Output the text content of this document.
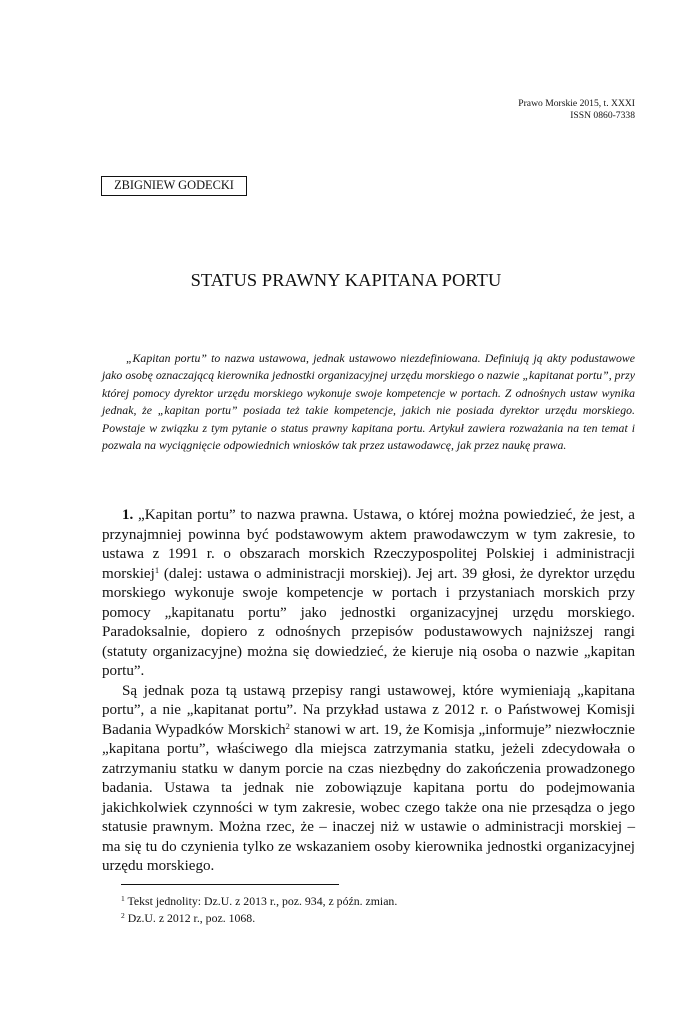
Prawo Morskie 2015, t. XXXI
ISSN 0860-7338
ZBIGNIEW GODECKI
STATUS PRAWNY KAPITANA PORTU

„Kapitan portu” to nazwa ustawowa, jednak ustawowo niezdefiniowana. Definiują ją akty podustawowe jako osobę oznaczającą kierownika jednostki organizacyjnej urzędu morskiego o nazwie „kapitanat portu”, przy której pomocy dyrektor urzędu morskiego wykonuje swoje kompetencje w portach. Z odnośnych ustaw wynika jednak, że „kapitan portu” posiada też takie kompetencje, jakich nie posiada dyrektor urzędu morskiego. Powstaje w związku z tym pytanie o status prawny kapitana portu. Artykuł zawiera rozważania na ten temat i pozwala na wyciągnięcie odpowiednich wniosków tak przez ustawodawcę, jak przez naukę prawa.

1. „Kapitan portu” to nazwa prawna. Ustawa, o której można powiedzieć, że jest, a przynajmniej powinna być podstawowym aktem prawodawczym w tym zakresie, to ustawa z 1991 r. o obszarach morskich Rzeczypospolitej Polskiej i administracji morskiej$^1$ (dalej: ustawa o administracji morskiej). Jej art. 39 głosi, że dyrektor urzędu morskiego wykonuje swoje kompetencje w portach i przystaniach morskich przy pomocy „kapitanatu portu” jako jednostki organizacyjnej urzędu morskiego. Paradoksalnie, dopiero z odnośnych przepisów podustawowych najniższej rangi (statuty organizacyjne) można się dowiedzieć, że kieruje nią osoba o nazwie „kapitan portu”.

Są jednak poza tą ustawą przepisy rangi ustawowej, które wymieniają „kapitana portu”, a nie „kapitanat portu”. Na przykład ustawa z 2012 r. o Państwowej Komisji Badania Wypadków Morskich$^2$ stanowi w art. 19, że Komisja „informuje” niezwłocznie „kapitana portu”, właściwego dla miejsca zatrzymania statku, jeżeli zdecydowała o zatrzymaniu statku w danym porcie na czas niezbędny do zakończenia prowadzonego badania. Ustawa ta jednak nie zobowiązuje kapitana portu do podejmowania jakichkolwiek czynności w tym zakresie, wobec czego także ona nie przesądza o jego statusie prawnym. Można rzec, że – inaczej niż w ustawie o administracji morskiej – ma się tu do czynienia tylko ze wskazaniem osoby kierownika jednostki organizacyjnej urzędu morskiego.

$^1$ Tekst jednolity: Dz.U. z 2013 r., poz. 934, z późn. zmian.
$^2$ Dz.U. z 2012 r., poz. 1068.
